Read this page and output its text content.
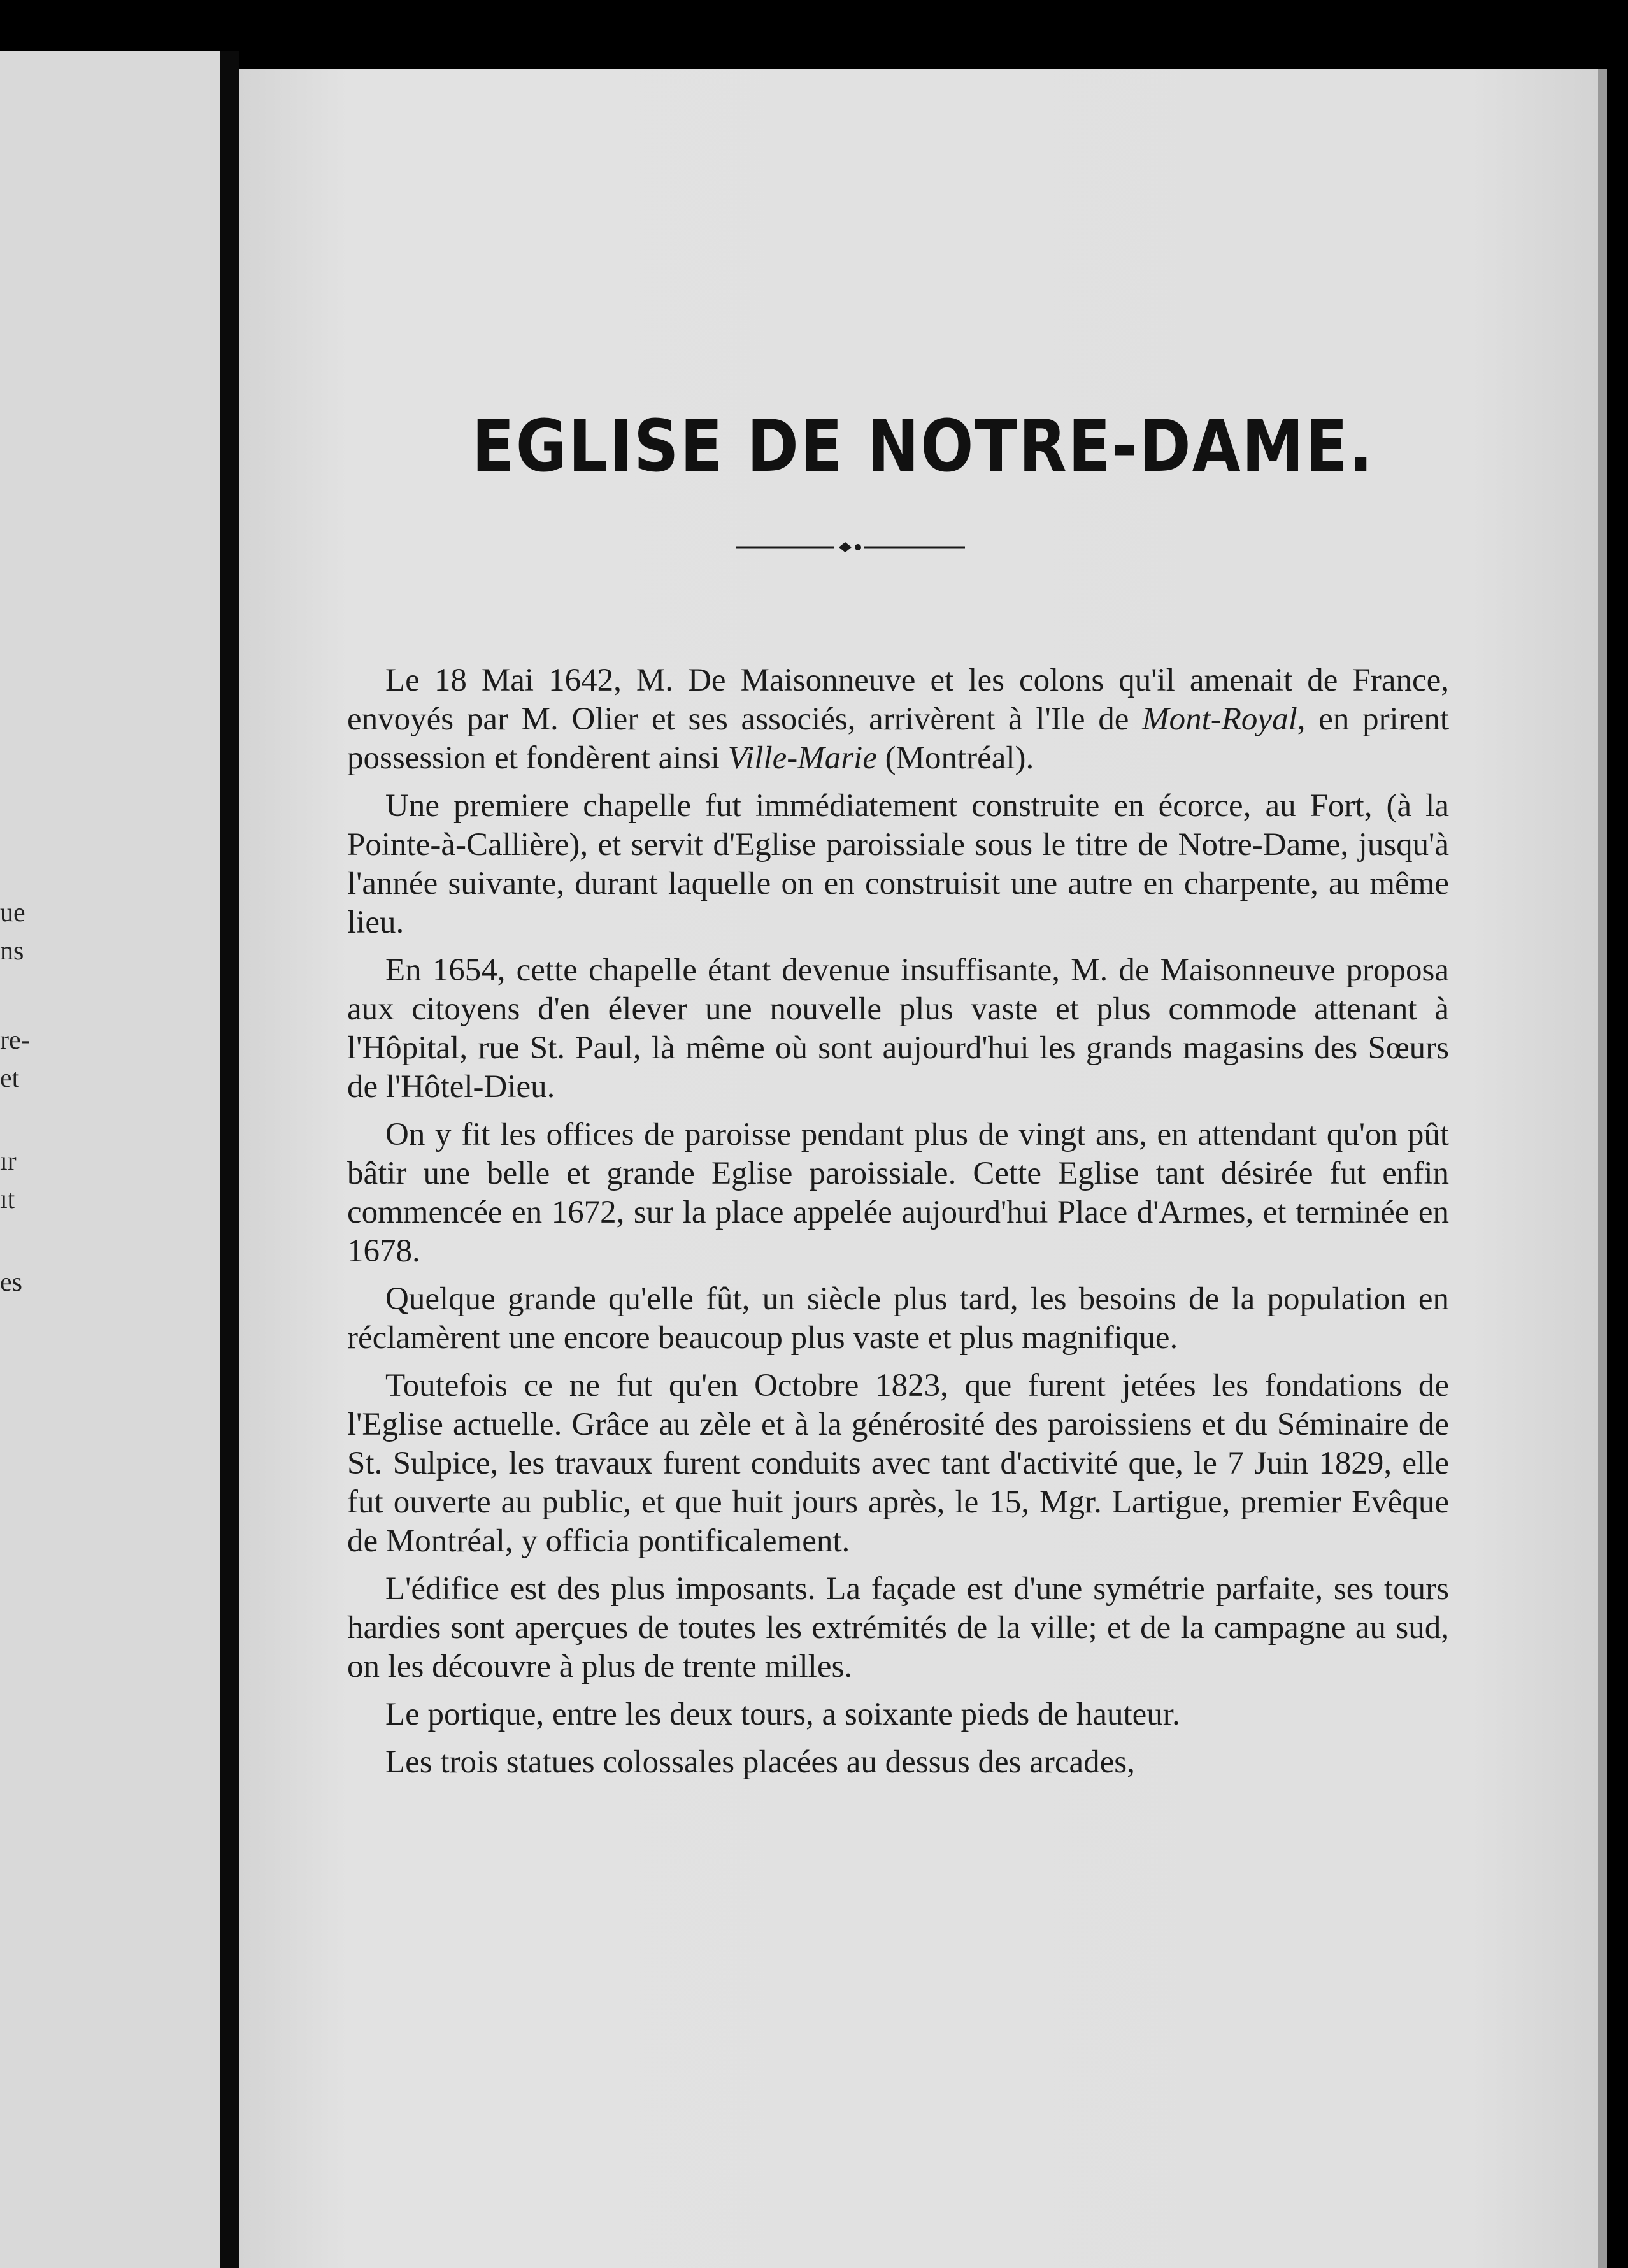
ue
ns
re-
et
ır
ıt
es
EGLISE DE NOTRE-DAME.

Le 18 Mai 1642, M. De Maisonneuve et les colons qu'il amenait de France, envoyés par M. Olier et ses associés, arrivèrent à l'Ile de Mont-Royal, en prirent possession et fondèrent ainsi Ville-Marie (Montréal).

Une premiere chapelle fut immédiatement construite en écorce, au Fort, (à la Pointe-à-Callière), et servit d'Eglise paroissiale sous le titre de Notre-Dame, jusqu'à l'année suivante, durant laquelle on en construisit une autre en charpente, au même lieu.

En 1654, cette chapelle étant devenue insuffisante, M. de Maisonneuve proposa aux citoyens d'en élever une nouvelle plus vaste et plus commode attenant à l'Hôpital, rue St. Paul, là même où sont aujourd'hui les grands magasins des Sœurs de l'Hôtel-Dieu.

On y fit les offices de paroisse pendant plus de vingt ans, en attendant qu'on pût bâtir une belle et grande Eglise paroissiale. Cette Eglise tant désirée fut enfin commencée en 1672, sur la place appelée aujourd'hui Place d'Armes, et terminée en 1678.

Quelque grande qu'elle fût, un siècle plus tard, les besoins de la population en réclamèrent une encore beaucoup plus vaste et plus magnifique.

Toutefois ce ne fut qu'en Octobre 1823, que furent jetées les fondations de l'Eglise actuelle. Grâce au zèle et à la générosité des paroissiens et du Séminaire de St. Sulpice, les travaux furent conduits avec tant d'activité que, le 7 Juin 1829, elle fut ouverte au public, et que huit jours après, le 15, Mgr. Lartigue, premier Evêque de Montréal, y officia pontificalement.

L'édifice est des plus imposants. La façade est d'une symétrie parfaite, ses tours hardies sont aperçues de toutes les extrémités de la ville; et de la campagne au sud, on les découvre à plus de trente milles.

Le portique, entre les deux tours, a soixante pieds de hauteur.

Les trois statues colossales placées au dessus des arcades,
